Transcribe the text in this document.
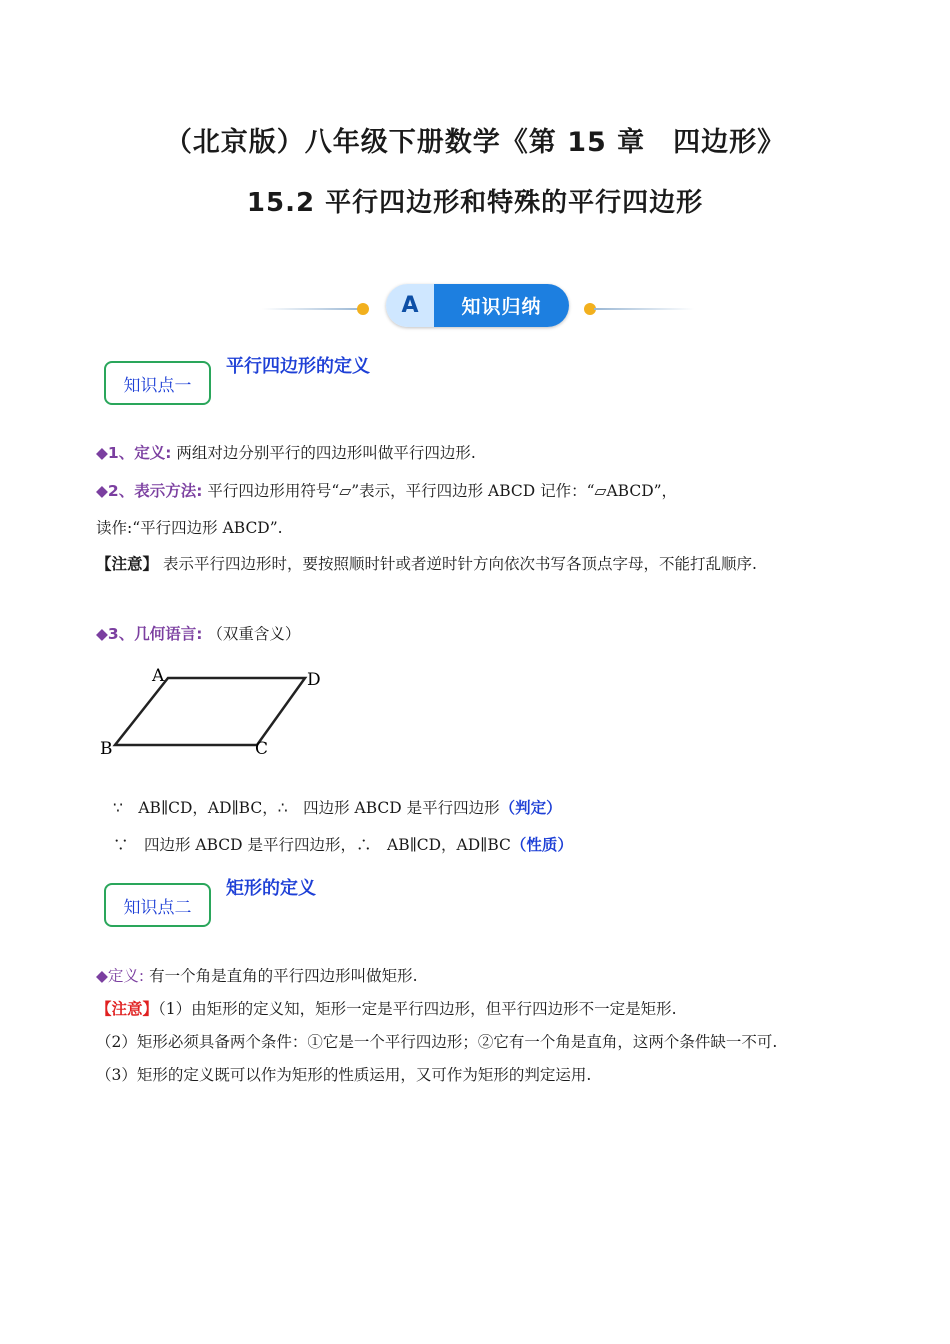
（北京版）八年级下册数学《第 15 章　四边形》
15.2 平行四边形和特殊的平行四边形
A	知识归纳
知识点一
平行四边形的定义
◆1、定义: 两组对边分别平行的四边形叫做平行四边形.
◆2、表示方法: 平行四边形用符号“▱”表示，平行四边形 ABCD 记作：“▱ABCD”，
读作:“平行四边形 ABCD”.
【注意】 表示平行四边形时，要按照顺时针或者逆时针方向依次书写各顶点字母，不能打乱顺序.
◆3、几何语言: （双重含义）
A	D
B	C
∵　AB∥CD，AD∥BC，∴　四边形 ABCD 是平行四边形（判定）
∵　四边形 ABCD 是平行四边形，∴　AB∥CD，AD∥BC（性质）
知识点二
矩形的定义
◆定义: 有一个角是直角的平行四边形叫做矩形.
【注意】（1）由矩形的定义知，矩形一定是平行四边形，但平行四边形不一定是矩形.
（2）矩形必须具备两个条件：①它是一个平行四边形；②它有一个角是直角，这两个条件缺一不可.
（3）矩形的定义既可以作为矩形的性质运用，又可作为矩形的判定运用.
